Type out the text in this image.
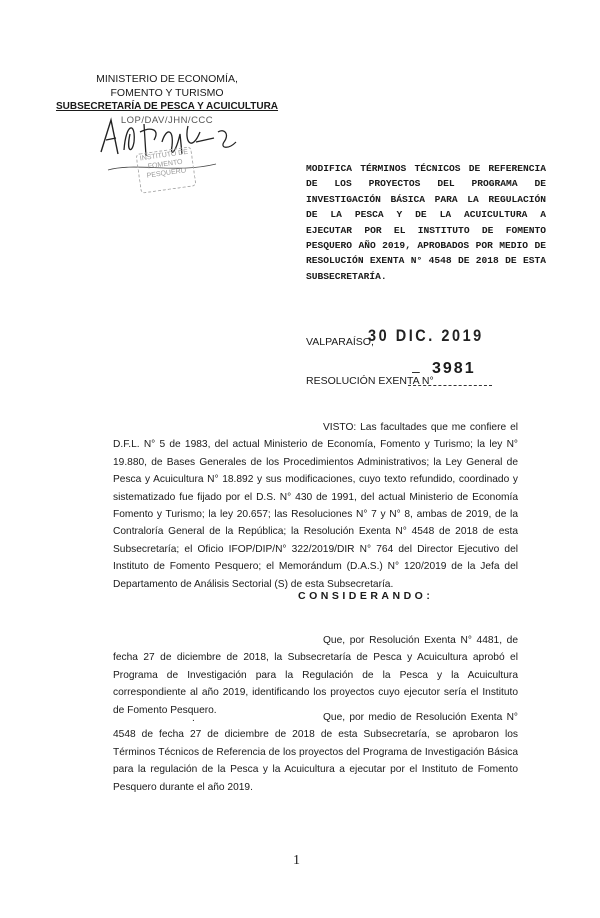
MINISTERIO DE ECONOMÍA,
FOMENTO Y TURISMO
SUBSECRETARÍA DE PESCA Y ACUICULTURA
LOP/DAV/JHN/CCC
INSTITUTO DE FOMENTO PESQUERO	MODIFICA TÉRMINOS TÉCNICOS DE REFERENCIA DE LOS PROYECTOS DEL PROGRAMA DE INVESTIGACIÓN BÁSICA PARA LA REGULACIÓN DE LA PESCA Y DE LA ACUICULTURA A EJECUTAR POR EL INSTITUTO DE FOMENTO PESQUERO AÑO 2019, APROBADOS POR MEDIO DE RESOLUCIÓN EXENTA N° 4548 DE 2018 DE ESTA SUBSECRETARÍA.
VALPARAÍSO,
30 DIC. 2019
RESOLUCIÓN EXENTA N°
– 3981
VISTO: Las facultades que me confiere el D.F.L. N° 5 de 1983, del actual Ministerio de Economía, Fomento y Turismo; la ley N° 19.880, de Bases Generales de los Procedimientos Administrativos; la Ley General de Pesca y Acuicultura N° 18.892 y sus modificaciones, cuyo texto refundido, coordinado y sistematizado fue fijado por el D.S. N° 430 de 1991, del actual Ministerio de Economía Fomento y Turismo; la ley 20.657; las Resoluciones N° 7 y N° 8, ambas de 2019, de la Contraloría General de la República; la Resolución Exenta N° 4548 de 2018 de esta Subsecretaría; el Oficio IFOP/DIP/N° 322/2019/DIR N° 764 del Director Ejecutivo del Instituto de Fomento Pesquero; el Memorándum (D.A.S.) N° 120/2019 de la Jefa del Departamento de Análisis Sectorial (S) de esta Subsecretaría.
CONSIDERANDO:
Que, por Resolución Exenta N° 4481, de fecha 27 de diciembre de 2018, la Subsecretaría de Pesca y Acuicultura aprobó el Programa de Investigación para la Regulación de la Pesca y la Acuicultura correspondiente al año 2019, identificando los proyectos cuyo ejecutor sería el Instituto de Fomento Pesquero.
.	Que, por medio de Resolución Exenta N° 4548 de fecha 27 de diciembre de 2018 de esta Subsecretaría, se aprobaron los Términos Técnicos de Referencia de los proyectos del Programa de Investigación Básica para la regulación de la Pesca y la Acuicultura a ejecutar por el Instituto de Fomento Pesquero durante el año 2019.
1
